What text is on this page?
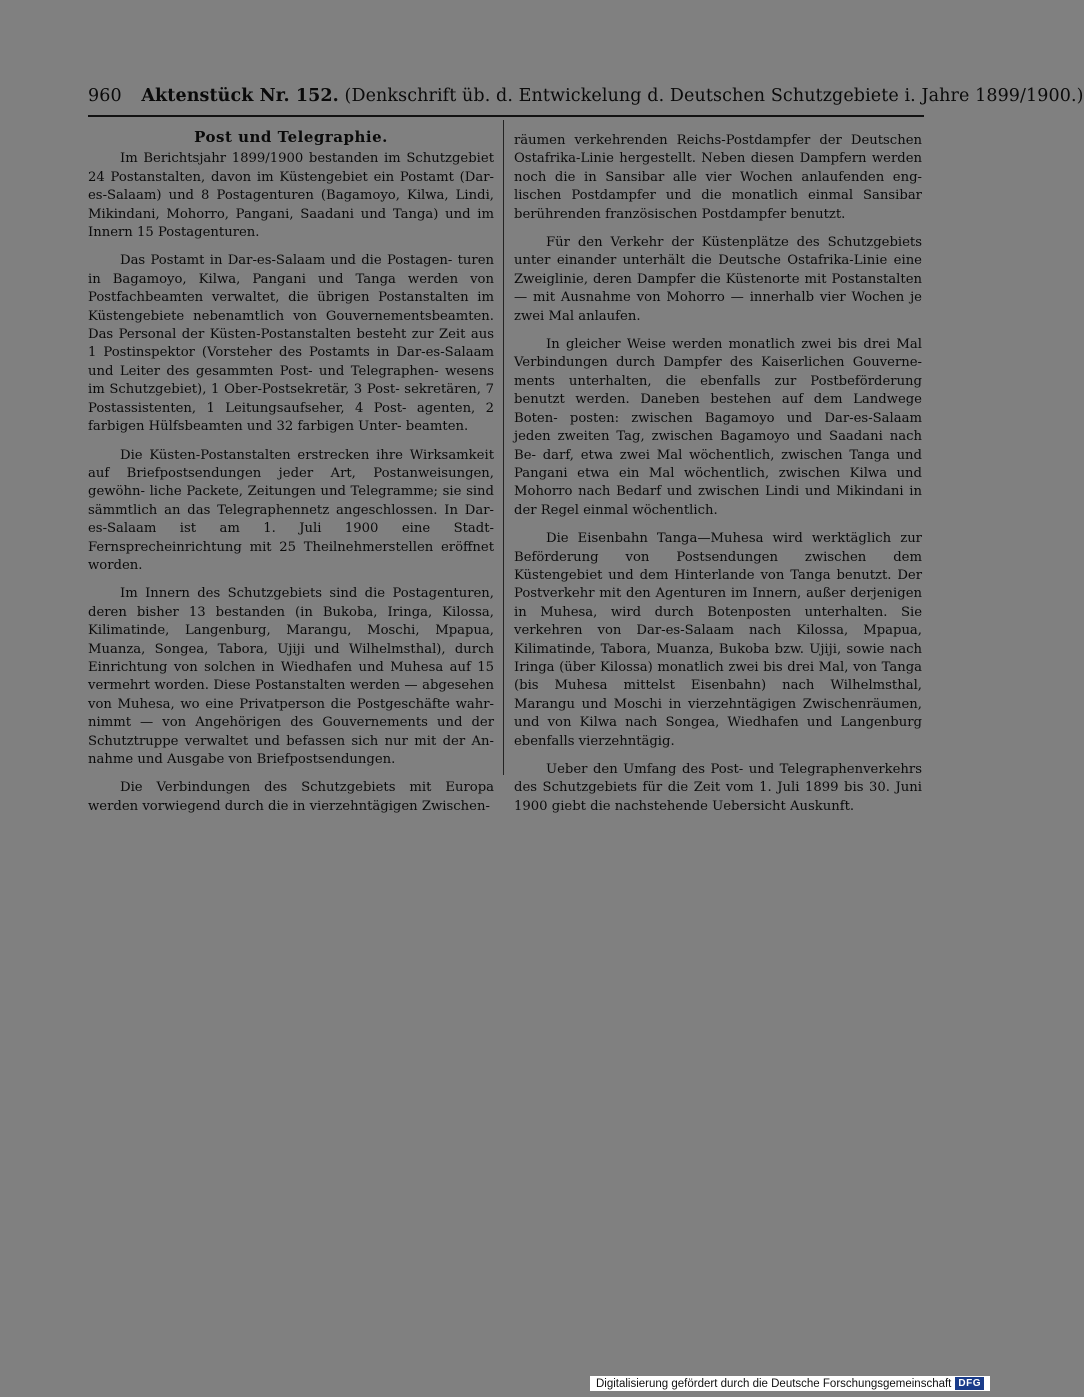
960 Aktenstück Nr. 152. (Denkschrift üb. d. Entwickelung d. Deutschen Schutzgebiete i. Jahre 1899/1900.)
Post und Telegraphie.

Im Berichtsjahr 1899/1900 bestanden im Schutzgebiet 24 Postanstalten, davon im Küstengebiet ein Postamt (Dar-es-Salaam) und 8 Postagenturen (Bagamoyo, Kilwa, Lindi, Mikindani, Mohorro, Pangani, Saadani und Tanga) und im Innern 15 Postagenturen.

Das Postamt in Dar-es-Salaam und die Postagen- turen in Bagamoyo, Kilwa, Pangani und Tanga werden von Postfachbeamten verwaltet, die übrigen Postanstalten im Küstengebiete nebenamtlich von Gouvernementsbeamten. Das Personal der Küsten-Postanstalten besteht zur Zeit aus 1 Postinspektor (Vorsteher des Postamts in Dar-es-Salaam und Leiter des gesammten Post- und Telegraphen- wesens im Schutzgebiet), 1 Ober-Postsekretär, 3 Post- sekretären, 7 Postassistenten, 1 Leitungsaufseher, 4 Post- agenten, 2 farbigen Hülfsbeamten und 32 farbigen Unter- beamten.

Die Küsten-Postanstalten erstrecken ihre Wirksamkeit auf Briefpostsendungen jeder Art, Postanweisungen, gewöhn- liche Packete, Zeitungen und Telegramme; sie sind sämmtlich an das Telegraphennetz angeschlossen. In Dar-es-Salaam ist am 1. Juli 1900 eine Stadt-Fernsprecheinrichtung mit 25 Theilnehmerstellen eröffnet worden.

Im Innern des Schutzgebiets sind die Postagenturen, deren bisher 13 bestanden (in Bukoba, Iringa, Kilossa, Kilimatinde, Langenburg, Marangu, Moschi, Mpapua, Muanza, Songea, Tabora, Ujiji und Wilhelmsthal), durch Einrichtung von solchen in Wiedhafen und Muhesa auf 15 vermehrt worden. Diese Postanstalten werden — abgesehen von Muhesa, wo eine Privatperson die Postgeschäfte wahr- nimmt — von Angehörigen des Gouvernements und der Schutztruppe verwaltet und befassen sich nur mit der An- nahme und Ausgabe von Briefpostsendungen.

Die Verbindungen des Schutzgebiets mit Europa werden vorwiegend durch die in vierzehntägigen Zwischen-

räumen verkehrenden Reichs-Postdampfer der Deutschen Ostafrika-Linie hergestellt. Neben diesen Dampfern werden noch die in Sansibar alle vier Wochen anlaufenden eng- lischen Postdampfer und die monatlich einmal Sansibar berührenden französischen Postdampfer benutzt.

Für den Verkehr der Küstenplätze des Schutzgebiets unter einander unterhält die Deutsche Ostafrika-Linie eine Zweiglinie, deren Dampfer die Küstenorte mit Postanstalten — mit Ausnahme von Mohorro — innerhalb vier Wochen je zwei Mal anlaufen.

In gleicher Weise werden monatlich zwei bis drei Mal Verbindungen durch Dampfer des Kaiserlichen Gouverne- ments unterhalten, die ebenfalls zur Postbeförderung benutzt werden. Daneben bestehen auf dem Landwege Boten- posten: zwischen Bagamoyo und Dar-es-Salaam jeden zweiten Tag, zwischen Bagamoyo und Saadani nach Be- darf, etwa zwei Mal wöchentlich, zwischen Tanga und Pangani etwa ein Mal wöchentlich, zwischen Kilwa und Mohorro nach Bedarf und zwischen Lindi und Mikindani in der Regel einmal wöchentlich.

Die Eisenbahn Tanga—Muhesa wird werktäglich zur Beförderung von Postsendungen zwischen dem Küstengebiet und dem Hinterlande von Tanga benutzt. Der Postverkehr mit den Agenturen im Innern, außer derjenigen in Muhesa, wird durch Botenposten unterhalten. Sie verkehren von Dar-es-Salaam nach Kilossa, Mpapua, Kilimatinde, Tabora, Muanza, Bukoba bzw. Ujiji, sowie nach Iringa (über Kilossa) monatlich zwei bis drei Mal, von Tanga (bis Muhesa mittelst Eisenbahn) nach Wilhelmsthal, Marangu und Moschi in vierzehntägigen Zwischenräumen, und von Kilwa nach Songea, Wiedhafen und Langenburg ebenfalls vierzehntägig.

Ueber den Umfang des Post- und Telegraphenverkehrs des Schutzgebiets für die Zeit vom 1. Juli 1899 bis 30. Juni 1900 giebt die nachstehende Uebersicht Auskunft.

Digitalisierung gefördert durch die Deutsche Forschungsgemeinschaft DFG
